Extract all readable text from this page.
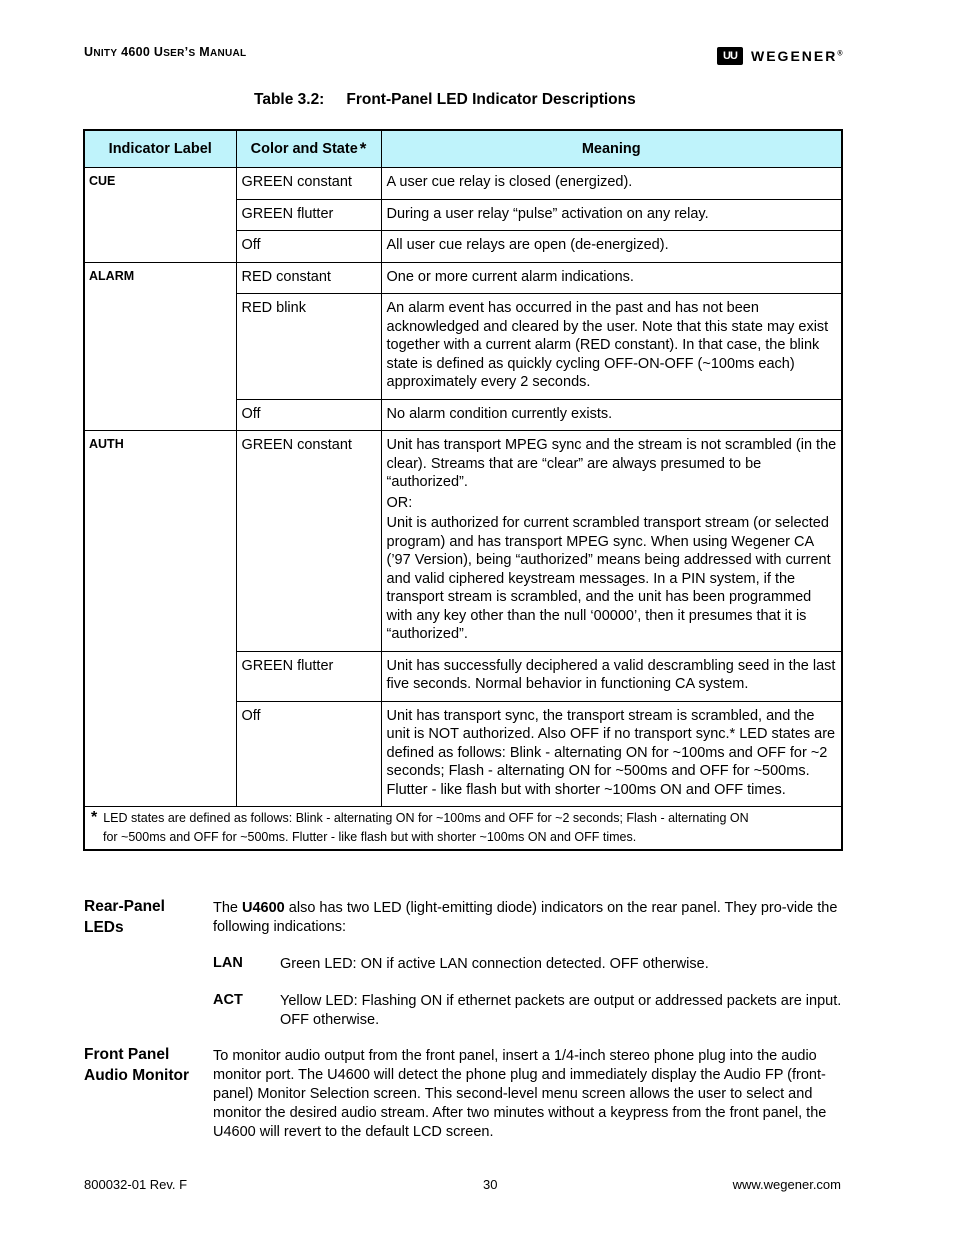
UNITY 4600 USER’S MANUAL	UU	WEGENER®
Table 3.2: Front-Panel LED Indicator Descriptions
Indicator Label	Color and State *	Meaning
CUE	GREEN constant	A user cue relay is closed (energized).

	GREEN flutter	During a user relay “pulse” activation on any relay.

	Off	All user cue relays are open (de-energized).

ALARM	RED constant	One or more current alarm indications.

	RED blink	An alarm event has occurred in the past and has not been acknowledged and cleared by the user. Note that this state may exist together with a current alarm (RED constant). In that case, the blink state is defined as quickly cycling OFF-ON-OFF (~100ms each) approximately every 2 seconds.

	Off	No alarm condition currently exists.

AUTH	GREEN constant	Unit has transport MPEG sync and the stream is not scrambled (in the clear). Streams that are “clear” are always presumed to be “authorized”.
OR:
Unit is authorized for current scrambled transport stream (or selected program) and has transport MPEG sync. When using Wegener CA (’97 Version), being “authorized” means being addressed with current and valid ciphered keystream messages. In a PIN system, if the transport stream is scrambled, and the unit has been programmed with any key other than the null ‘00000’, then it presumes that it is “authorized”.

	GREEN flutter	Unit has successfully deciphered a valid descrambling seed in the last five seconds. Normal behavior in functioning CA system.

	Off	Unit has transport sync, the transport stream is scrambled, and the unit is NOT authorized. Also OFF if no transport sync.* LED states are defined as follows: Blink - alternating ON for ~100ms and OFF for ~2 seconds; Flash - alternating ON for ~500ms and OFF for ~500ms. Flutter - like flash but with shorter ~100ms ON and OFF times.

* LED states are defined as follows: Blink - alternating ON for ~100ms and OFF for ~2 seconds; Flash - alternating ON
for ~500ms and OFF for ~500ms. Flutter - like flash but with shorter ~100ms ON and OFF times.		
Rear-Panel
LEDs
The U4600 also has two LED (light-emitting diode) indicators on the rear panel. They pro-vide the following indications:
LAN	Green LED: ON if active LAN connection detected. OFF otherwise.
ACT	Yellow LED: Flashing ON if ethernet packets are output or addressed packets are input. OFF otherwise.
Front Panel
Audio Monitor
To monitor audio output from the front panel, insert a 1/4-inch stereo phone plug into the audio monitor port. The U4600 will detect the phone plug and immediately display the Audio FP (front-panel) Monitor Selection screen. This second-level menu screen allows the user to select and monitor the desired audio stream. After two minutes without a keypress from the front panel, the U4600 will revert to the default LCD screen.
800032-01 Rev. F	30	www.wegener.com
